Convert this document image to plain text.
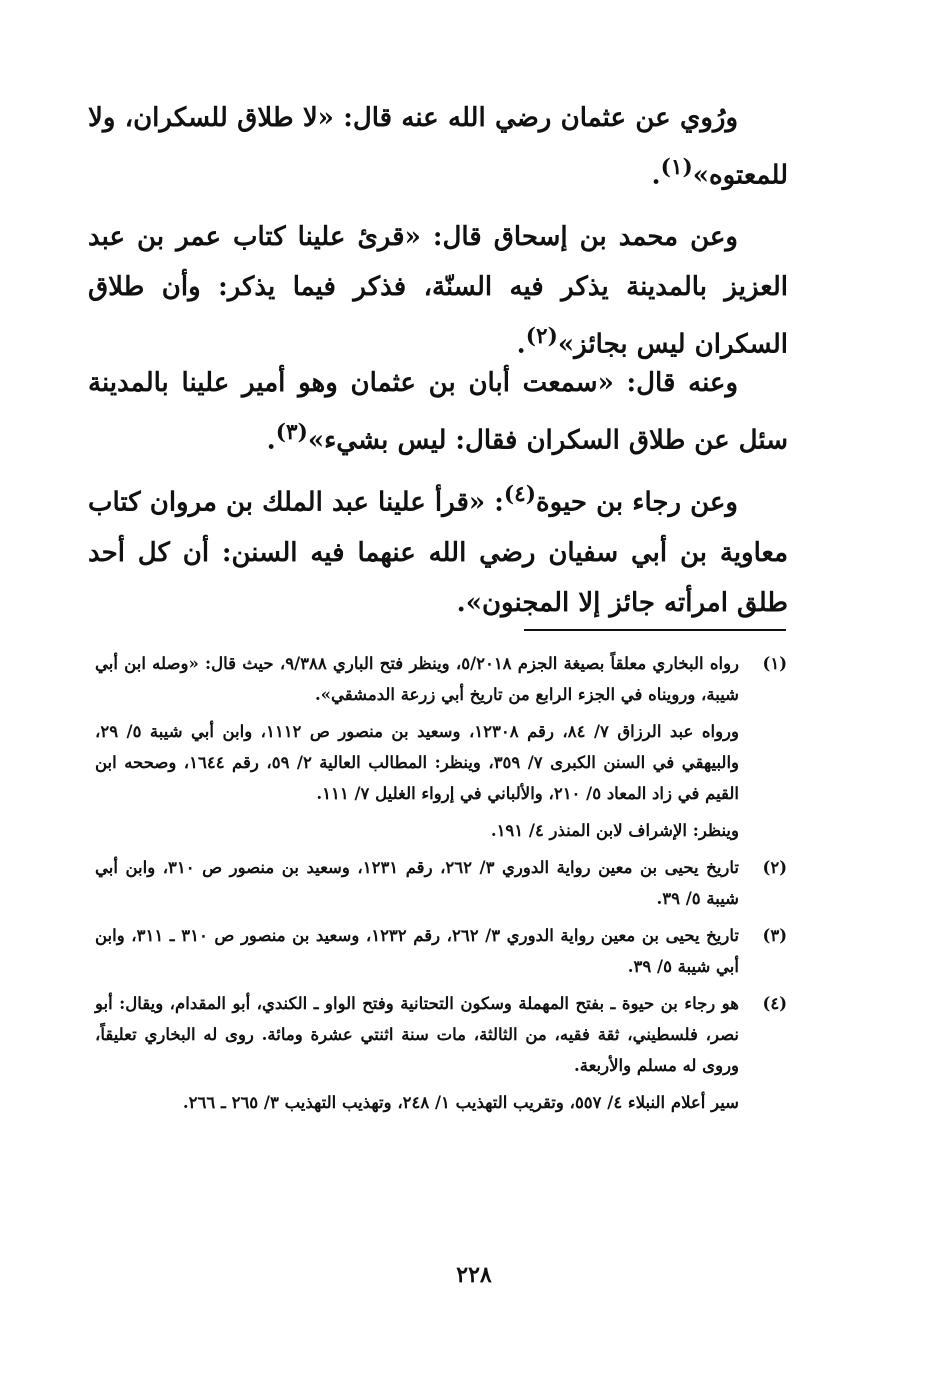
ورُوي عن عثمان رضي الله عنه قال: «لا طلاق للسكران، ولا للمعتوه»$^{(١)}$.

وعن محمد بن إسحاق قال: «قرئ علينا كتاب عمر بن عبد العزيز بالمدينة يذكر فيه السنّة، فذكر فيما يذكر: وأن طلاق السكران ليس بجائز»$^{(٢)}$.

وعنه قال: «سمعت أبان بن عثمان وهو أمير علينا بالمدينة سئل عن طلاق السكران فقال: ليس بشيء»$^{(٣)}$.

وعن رجاء بن حيوة$^{(٤)}$: «قرأ علينا عبد الملك بن مروان كتاب معاوية بن أبي سفيان رضي الله عنهما فيه السنن: أن كل أحد طلق امرأته جائز إلا المجنون».

(١)

رواه البخاري معلقاً بصيغة الجزم ٥/٢٠١٨، وينظر فتح الباري ٩/٣٨٨، حيث قال: «وصله ابن أبي شيبة، ورويناه في الجزء الرابع من تاريخ أبي زرعة الدمشقي».

ورواه عبد الرزاق ٧/ ٨٤، رقم ١٢٣٠٨، وسعيد بن منصور ص ١١١٢، وابن أبي شيبة ٥/ ٢٩، والبيهقي في السنن الكبرى ٧/ ٣٥٩، وينظر: المطالب العالية ٢/ ٥٩، رقم ١٦٤٤، وصححه ابن القيم في زاد المعاد ٥/ ٢١٠، والألباني في إرواء الغليل ٧/ ١١١.

وينظر: الإشراف لابن المنذر ٤/ ١٩١.

(٢)

تاريخ يحيى بن معين رواية الدوري ٣/ ٢٦٢، رقم ١٢٣١، وسعيد بن منصور ص ٣١٠، وابن أبي شيبة ٥/ ٣٩.

(٣)

تاريخ يحيى بن معين رواية الدوري ٣/ ٢٦٢، رقم ١٢٣٢، وسعيد بن منصور ص ٣١٠ ـ ٣١١، وابن أبي شيبة ٥/ ٣٩.

(٤)

هو رجاء بن حيوة ـ بفتح المهملة وسكون التحتانية وفتح الواو ـ الكندي، أبو المقدام، ويقال: أبو نصر، فلسطيني، ثقة فقيه، من الثالثة، مات سنة اثنتي عشرة ومائة. روى له البخاري تعليقاً، وروى له مسلم والأربعة.

سير أعلام النبلاء ٤/ ٥٥٧، وتقريب التهذيب ١/ ٢٤٨، وتهذيب التهذيب ٣/ ٢٦٥ ـ ٢٦٦.

٢٢٨
